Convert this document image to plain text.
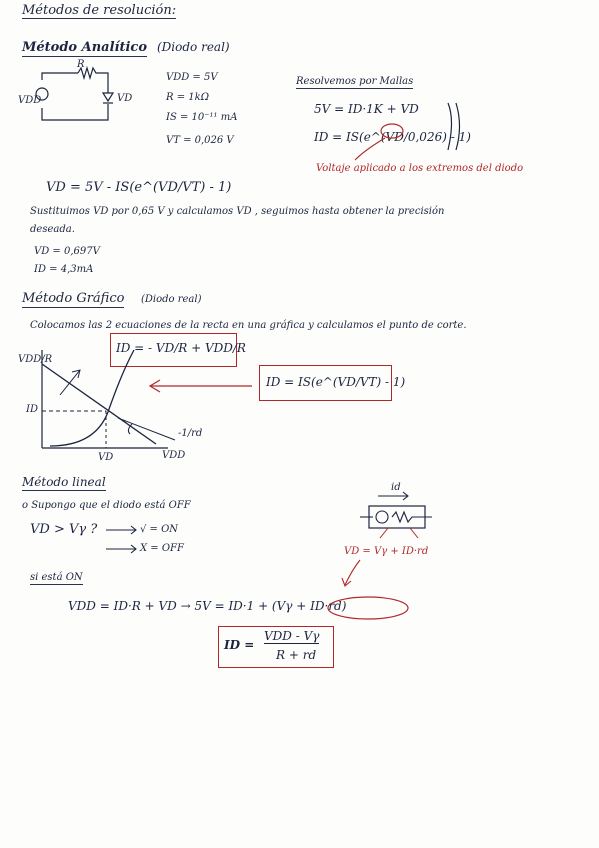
Métodos de resolución:
Método Analítico (Diodo real)
VDD
R
VD
VDD = 5V
R = 1kΩ
IS = 10⁻¹¹ mA
VT = 0,026 V
Resolvemos por Mallas
5V = ID·1K + VD
ID = IS(e^(VD/0,026) - 1)
Voltaje aplicado a los extremos del diodo
VD = 5V - IS(e^(VD/VT) - 1)
Sustituimos VD por 0,65 V y calculamos VD , seguimos hasta obtener la precisión
deseada.
VD = 0,697V
ID = 4,3mA
Método Gráfico (Diodo real)
Colocamos las 2 ecuaciones de la recta en una gráfica y calculamos el punto de corte.
ID = - VD/R + VDD/R
ID = IS(e^(VD/VT) - 1)
VDD/R
ID
VD	VDD
-1/rd
Método lineal
o Supongo que el diodo está OFF
VD > Vγ ?	√ = ON
X = OFF
id
VD = Vγ + ID·rd
si está ON
VDD = ID·R + VD → 5V = ID·1 + (Vγ + ID·rd)
ID =
VDD - Vγ
R + rd
